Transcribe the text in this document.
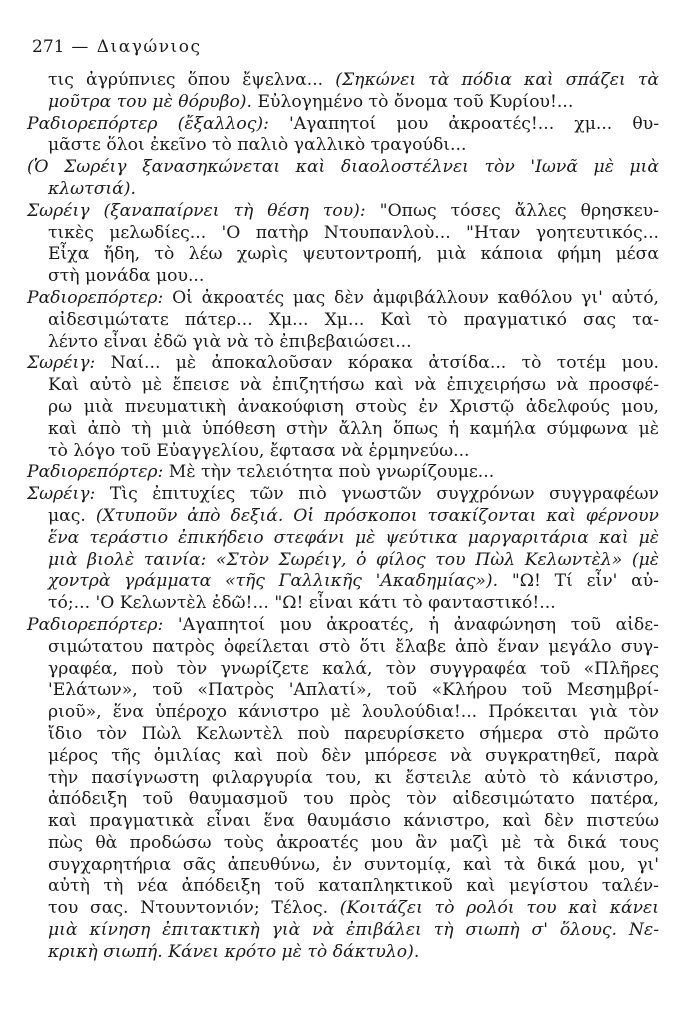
271 — Διαγώνιος
τις ἀγρύπνιες ὅπου ἔψελνα... (Σηκώνει τὰ πόδια καὶ σπάζει τὰ
μοῦτρα του μὲ θόρυβο). Εὐλογημένο τὸ ὄνομα τοῦ Κυρίου!...
Ραδιορεπόρτερ (ἔξαλλος): 'Αγαπητοί μου ἀκροατές!... χμ... θυ-
μᾶστε ὅλοι ἐκεῖνο τὸ παλιὸ γαλλικὸ τραγούδι...
(Ὁ Σωρέιγ ξανασηκώνεται καὶ διαολοστέλνει τὸν 'Ιωνᾶ μὲ μιὰ
κλωτσιά).
Σωρέιγ (ξαναπαίρνει τὴ θέση του): "Οπως τόσες ἄλλες θρησκευ-
τικὲς μελωδίες... 'Ο πατὴρ Ντουπανλοὺ... "Ηταν γοητευτικός...
Εἶχα ἤδη, τὸ λέω χωρὶς ψευτοντροπή, μιὰ κάποια φήμη μέσα
στὴ μονάδα μου...
Ραδιορεπόρτερ: Οἱ ἀκροατές μας δὲν ἀμφιβάλλουν καθόλου γι' αὐτό,
αἰδεσιμώτατε πάτερ... Χμ... Χμ... Καὶ τὸ πραγματικό σας τα-
λέντο εἶναι ἐδῶ γιὰ νὰ τὸ ἐπιβεβαιώσει...
Σωρέιγ: Ναί... μὲ ἀποκαλοῦσαν κόρακα ἀτσίδα... τὸ τοτέμ μου.
Καὶ αὐτὸ μὲ ἔπεισε νὰ ἐπιζητήσω καὶ νὰ ἐπιχειρήσω νὰ προσφέ-
ρω μιὰ πνευματικὴ ἀνακούφιση στοὺς ἐν Χριστῷ ἀδελφούς μου,
καὶ ἀπὸ τὴ μιὰ ὑπόθεση στὴν ἄλλη ὅπως ἡ καμήλα σύμφωνα μὲ
τὸ λόγο τοῦ Εὐαγγελίου, ἔφτασα νὰ ἑρμηνεύω...
Ραδιορεπόρτερ: Μὲ τὴν τελειότητα ποὺ γνωρίζουμε...
Σωρέιγ: Τὶς ἐπιτυχίες τῶν πιὸ γνωστῶν συγχρόνων συγγραφέων
μας. (Χτυποῦν ἀπὸ δεξιά. Οἱ πρόσκοποι τσακίζονται καὶ φέρνουν
ἕνα τεράστιο ἐπικήδειο στεφάνι μὲ ψεύτικα μαργαριτάρια καὶ μὲ
μιὰ βιολὲ ταινία: «Στὸν Σωρέιγ, ὁ φίλος του Πὼλ Κελωντὲλ» (μὲ
χοντρὰ γράμματα «τῆς Γαλλικῆς 'Ακαδημίας»). "Ω! Τί εἶν' αὐ-
τό;... 'Ο Κελωντὲλ ἐδῶ!... "Ω! εἶναι κάτι τὸ φανταστικό!...
Ραδιορεπόρτερ: 'Αγαπητοί μου ἀκροατές, ἡ ἀναφώνηση τοῦ αἰδε-
σιμώτατου πατρὸς ὀφείλεται στὸ ὅτι ἔλαβε ἀπὸ ἕναν μεγάλο συγ-
γραφέα, ποὺ τὸν γνωρίζετε καλά, τὸν συγγραφέα τοῦ «Πλῆρες
'Ελάτων», τοῦ «Πατρὸς 'Απλατί», τοῦ «Κλήρου τοῦ Μεσημβρί-
ριοῦ», ἕνα ὑπέροχο κάνιστρο μὲ λουλούδια!... Πρόκειται γιὰ τὸν
ἴδιο τὸν Πὼλ Κελωντὲλ ποὺ παρευρίσκετο σήμερα στὸ πρῶτο
μέρος τῆς ὁμιλίας καὶ ποὺ δὲν μπόρεσε νὰ συγκρατηθεῖ, παρὰ
τὴν πασίγνωστη φιλαργυρία του, κι ἔστειλε αὐτὸ τὸ κάνιστρο,
ἀπόδειξη τοῦ θαυμασμοῦ του πρὸς τὸν αἰδεσιμώτατο πατέρα,
καὶ πραγματικὰ εἶναι ἕνα θαυμάσιο κάνιστρο, καὶ δὲν πιστεύω
πὼς θὰ προδώσω τοὺς ἀκροατές μου ἂν μαζὶ μὲ τὰ δικά τους
συγχαρητήρια σᾶς ἀπευθύνω, ἐν συντομίᾳ, καὶ τὰ δικά μου, γι'
αὐτὴ τὴ νέα ἀπόδειξη τοῦ καταπληκτικοῦ καὶ μεγίστου ταλέν-
του σας. Ντουντονιόν; Τέλος. (Κοιτάζει τὸ ρολόι του καὶ κάνει
μιὰ κίνηση ἐπιτακτικὴ γιὰ νὰ ἐπιβάλει τὴ σιωπὴ σ' ὅλους. Νε-
κρικὴ σιωπή. Κάνει κρότο μὲ τὸ δάκτυλο).
